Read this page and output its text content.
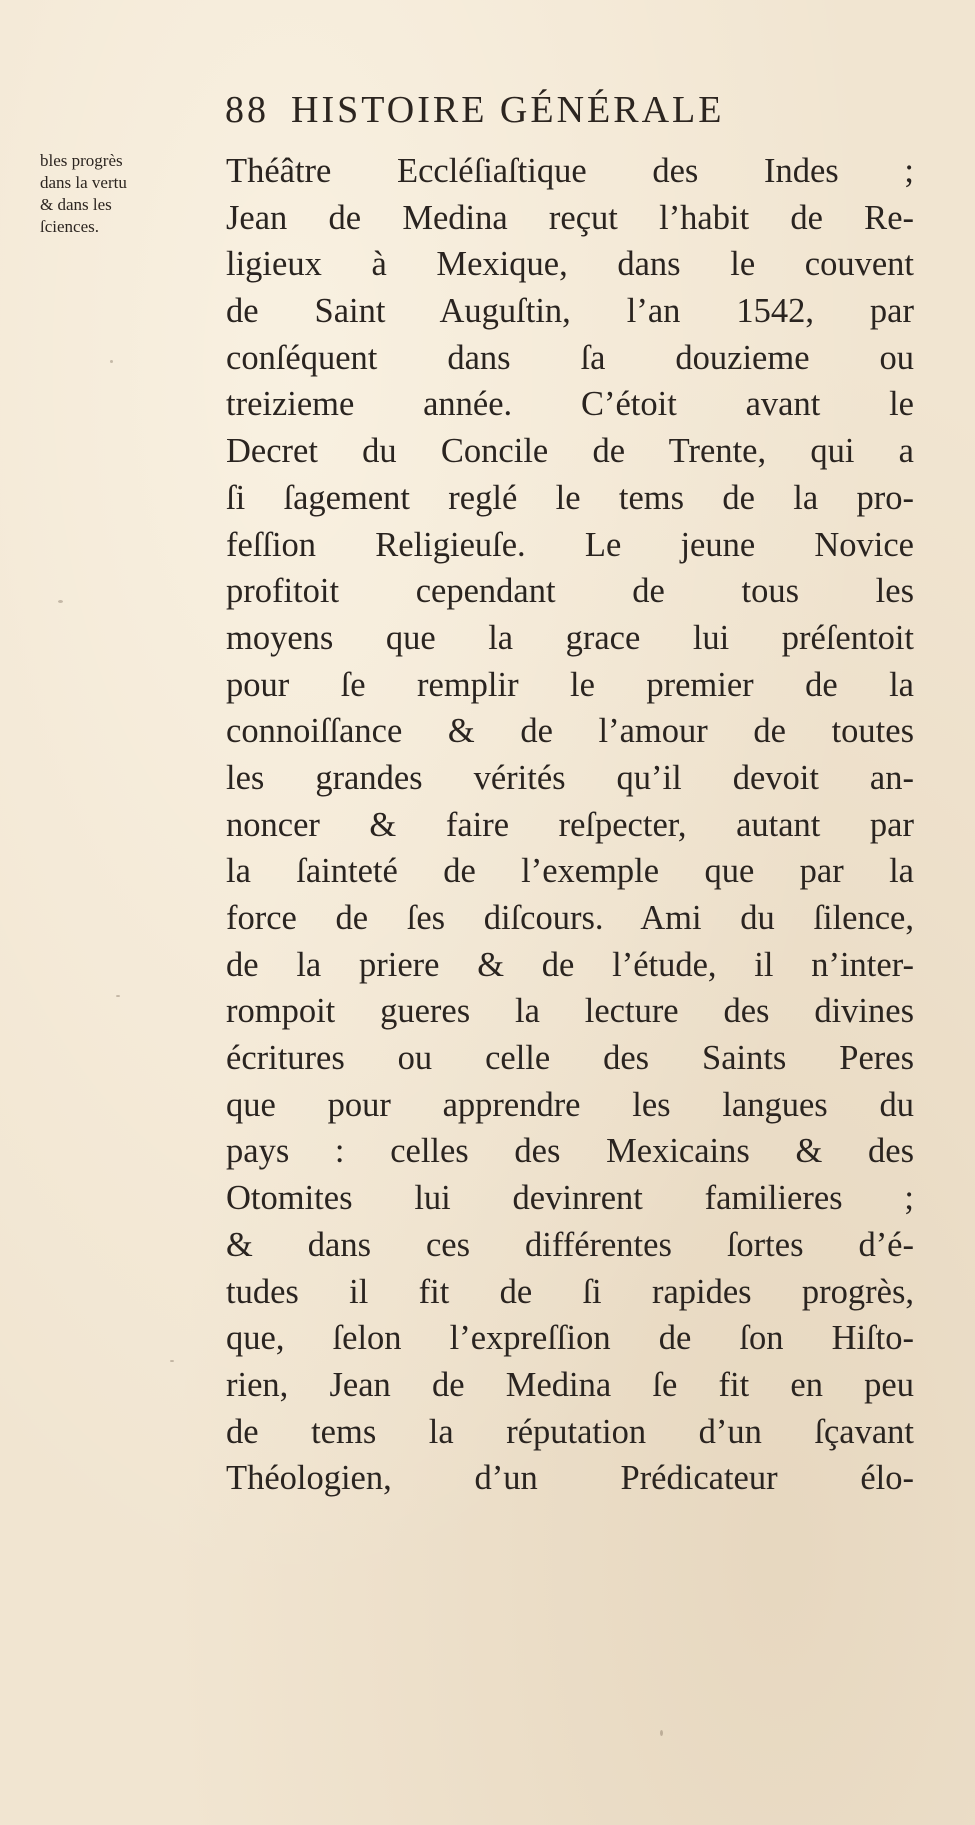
88 HISTOIRE GÉNÉRALE
bles progrès
dans la vertu
& dans les
ſciences.
Théâtre Eccléſiaſtique des Indes ;
Jean de Medina reçut l’habit de Re-
ligieux à Mexique, dans le couvent
de Saint Auguſtin, l’an 1542, par
conſéquent dans ſa douzieme ou
treizieme année. C’étoit avant le
Decret du Concile de Trente, qui a
ſi ſagement reglé le tems de la pro-
feſſion Religieuſe. Le jeune Novice
profitoit cependant de tous les
moyens que la grace lui préſentoit
pour ſe remplir le premier de la
connoiſſance & de l’amour de toutes
les grandes vérités qu’il devoit an-
noncer & faire reſpecter, autant par
la ſainteté de l’exemple que par la
force de ſes diſcours. Ami du ſilence,
de la priere & de l’étude, il n’inter-
rompoit gueres la lecture des divines
écritures ou celle des Saints Peres
que pour apprendre les langues du
pays : celles des Mexicains & des
Otomites lui devinrent familieres ;
& dans ces différentes ſortes d’é-
tudes il fit de ſi rapides progrès,
que, ſelon l’expreſſion de ſon Hiſto-
rien, Jean de Medina ſe fit en peu
de tems la réputation d’un ſçavant
Théologien, d’un Prédicateur élo-
